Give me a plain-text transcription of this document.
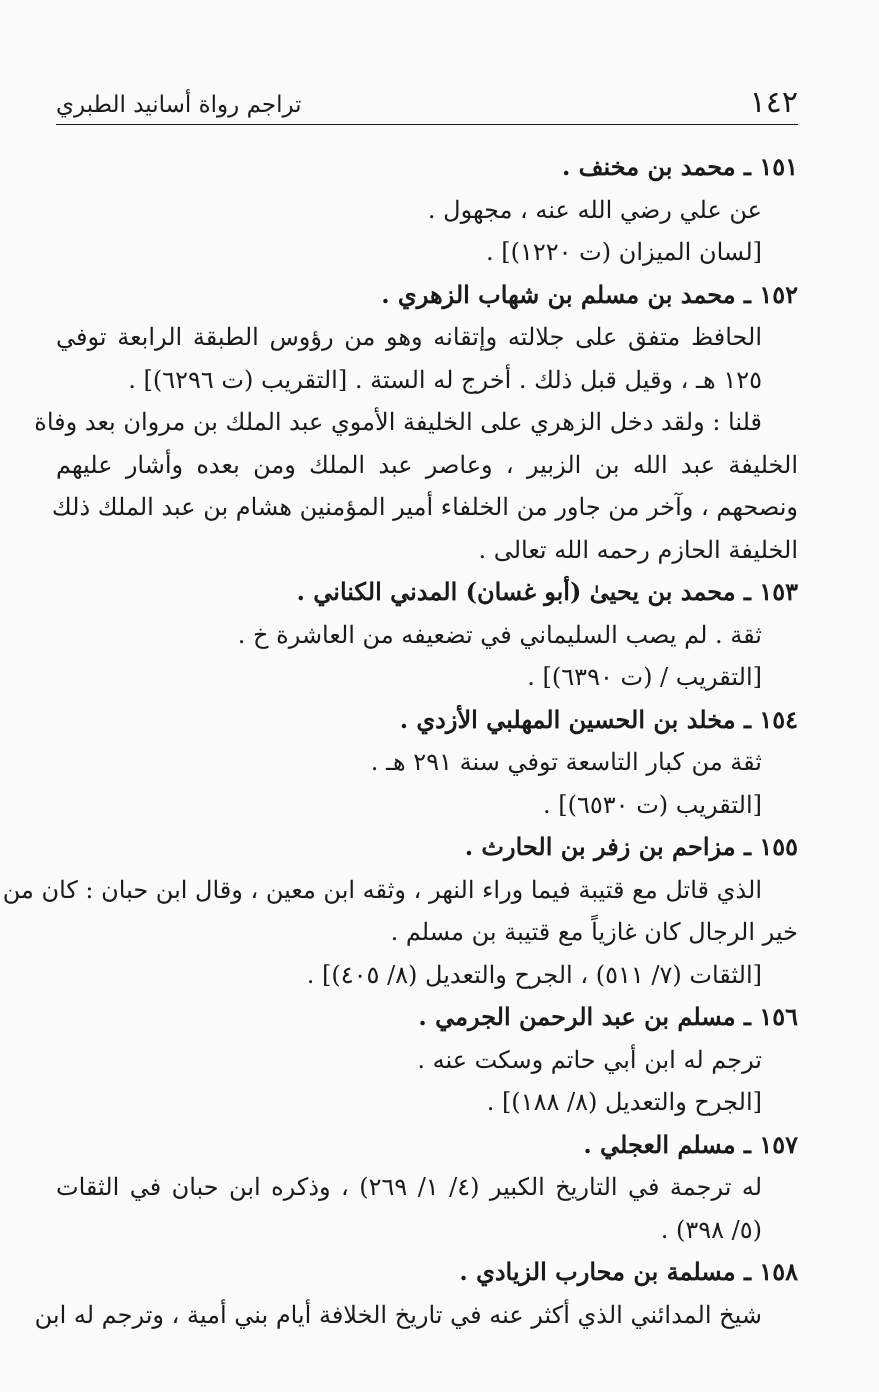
١٤٢
تراجم رواة أسانيد الطبري
١٥١ ـ محمد بن مخنف .
عن علي رضي الله عنه ، مجهول .
[لسان الميزان (ت ١٢٢٠)] .
١٥٢ ـ محمد بن مسلم بن شهاب الزهري .
الحافظ متفق على جلالته وإتقانه وهو من رؤوس الطبقة الرابعة توفي
١٢٥ هـ ، وقيل قبل ذلك . أخرج له الستة . [التقريب (ت ٦٢٩٦)] .
قلنا : ولقد دخل الزهري على الخليفة الأموي عبد الملك بن مروان بعد وفاة
الخليفة عبد الله بن الزبير ، وعاصر عبد الملك ومن بعده وأشار عليهم
ونصحهم ، وآخر من جاور من الخلفاء أمير المؤمنين هشام بن عبد الملك ذلك
الخليفة الحازم رحمه الله تعالى .
١٥٣ ـ محمد بن يحيىٰ (أبو غسان) المدني الكناني .
ثقة . لم يصب السليماني في تضعيفه من العاشرة خ .
[التقريب / (ت ٦٣٩٠)] .
١٥٤ ـ مخلد بن الحسين المهلبي الأزدي .
ثقة من كبار التاسعة توفي سنة ٢٩١ هـ .
[التقريب (ت ٦٥٣٠)] .
١٥٥ ـ مزاحم بن زفر بن الحارث .
الذي قاتل مع قتيبة فيما وراء النهر ، وثقه ابن معين ، وقال ابن حبان : كان من
خير الرجال كان غازياً مع قتيبة بن مسلم .
[الثقات (٧/ ٥١١) ، الجرح والتعديل (٨/ ٤٠٥)] .
١٥٦ ـ مسلم بن عبد الرحمن الجرمي .
ترجم له ابن أبي حاتم وسكت عنه .
[الجرح والتعديل (٨/ ١٨٨)] .
١٥٧ ـ مسلم العجلي .
له ترجمة في التاريخ الكبير (٤/ ١/ ٢٦٩) ، وذكره ابن حبان في الثقات
(٥/ ٣٩٨) .
١٥٨ ـ مسلمة بن محارب الزيادي .
شيخ المدائني الذي أكثر عنه في تاريخ الخلافة أيام بني أمية ، وترجم له ابن
